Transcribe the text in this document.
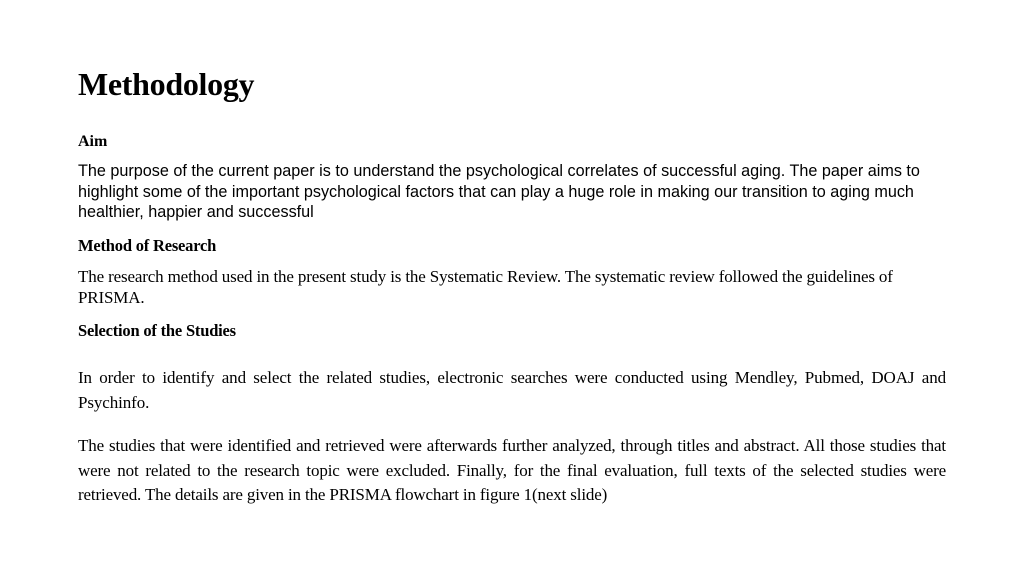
Methodology
Aim

The purpose of the current paper is to understand the psychological correlates of successful aging. The paper aims to highlight some of the important psychological factors that can play a huge role in making our transition to aging much healthier, happier and successful

Method of Research

The research method used in the present study is the Systematic Review. The systematic review followed the guidelines of PRISMA.

Selection of the Studies

In order to identify and select the related studies, electronic searches were conducted using Mendley, Pubmed, DOAJ and Psychinfo.

The studies that were identified and retrieved were afterwards further analyzed, through titles and abstract. All those studies that were not related to the research topic were excluded. Finally, for the final evaluation, full texts of the selected studies were retrieved. The details are given in the PRISMA flowchart in figure 1(next slide)
